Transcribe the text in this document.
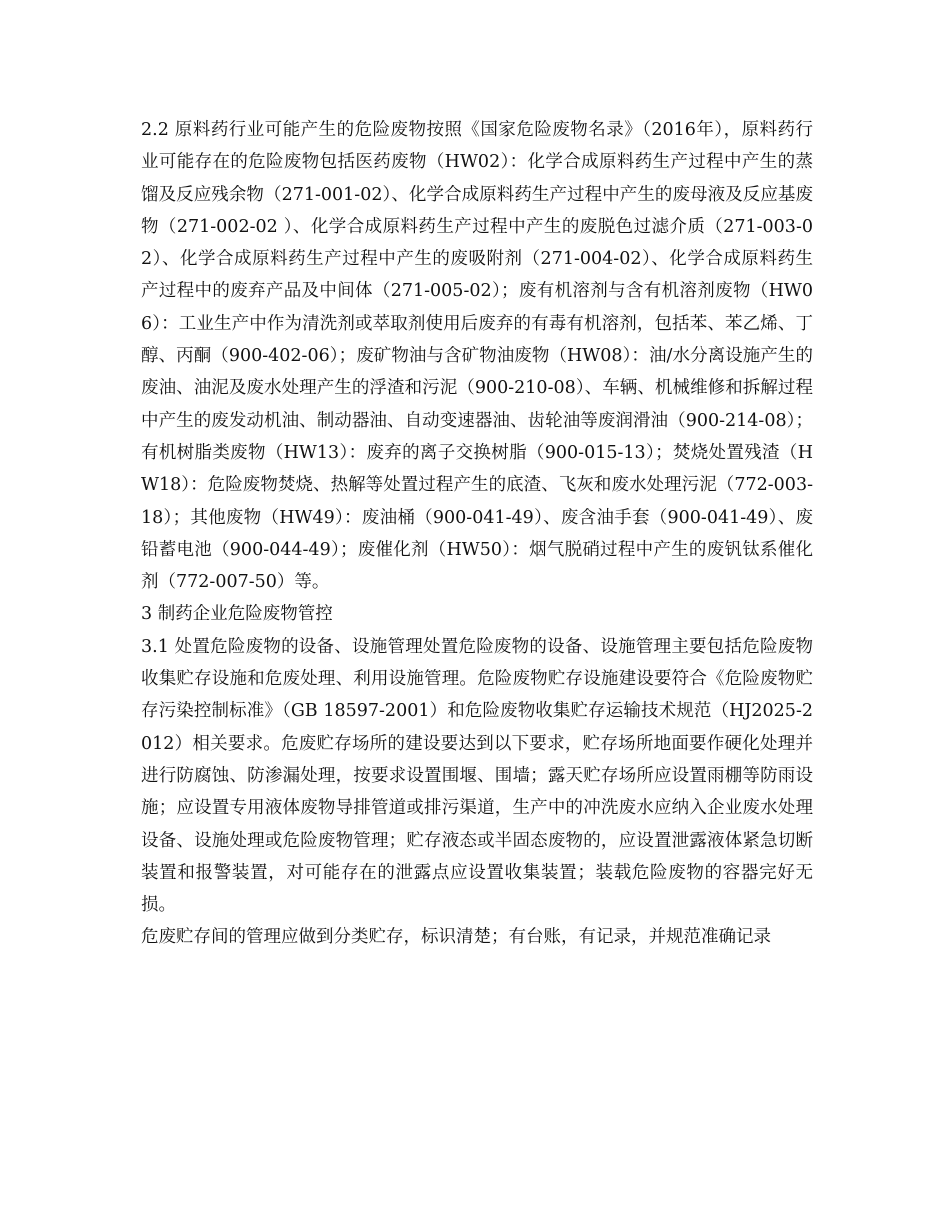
2.2 原料药行业可能产生的危险废物按照《国家危险废物名录》（2016年），原料药行业可能存在的危险废物包括医药废物（HW02）：化学合成原料药生产过程中产生的蒸馏及反应残余物（271-001-02）、化学合成原料药生产过程中产生的废母液及反应基废物（271-002-02 ）、化学合成原料药生产过程中产生的废脱色过滤介质（271-003-02）、化学合成原料药生产过程中产生的废吸附剂（271-004-02）、化学合成原料药生产过程中的废弃产品及中间体（271-005-02）；废有机溶剂与含有机溶剂废物（HW06）：工业生产中作为清洗剂或萃取剂使用后废弃的有毒有机溶剂，包括苯、苯乙烯、丁醇、丙酮（900-402-06）；废矿物油与含矿物油废物（HW08）：油/水分离设施产生的废油、油泥及废水处理产生的浮渣和污泥（900-210-08）、车辆、机械维修和拆解过程中产生的废发动机油、制动器油、自动变速器油、齿轮油等废润滑油（900-214-08）；有机树脂类废物（HW13）：废弃的离子交换树脂（900-015-13）；焚烧处置残渣（HW18）：危险废物焚烧、热解等处置过程产生的底渣、飞灰和废水处理污泥（772-003-18）；其他废物（HW49）：废油桶（900-041-49）、废含油手套（900-041-49）、废铅蓄电池（900-044-49）；废催化剂（HW50）：烟气脱硝过程中产生的废钒钛系催化剂（772-007-50）等。

3 制药企业危险废物管控

3.1 处置危险废物的设备、设施管理处置危险废物的设备、设施管理主要包括危险废物收集贮存设施和危废处理、利用设施管理。危险废物贮存设施建设要符合《危险废物贮存污染控制标准》（GB 18597-2001）和危险废物收集贮存运输技术规范（HJ2025-2012）相关要求。危废贮存场所的建设要达到以下要求，贮存场所地面要作硬化处理并进行防腐蚀、防渗漏处理，按要求设置围堰、围墙；露天贮存场所应设置雨棚等防雨设施；应设置专用液体废物导排管道或排污渠道，生产中的冲洗废水应纳入企业废水处理设备、设施处理或危险废物管理；贮存液态或半固态废物的，应设置泄露液体紧急切断装置和报警装置，对可能存在的泄露点应设置收集装置；装载危险废物的容器完好无损。

危废贮存间的管理应做到分类贮存，标识清楚；有台账，有记录，并规范准确记录
